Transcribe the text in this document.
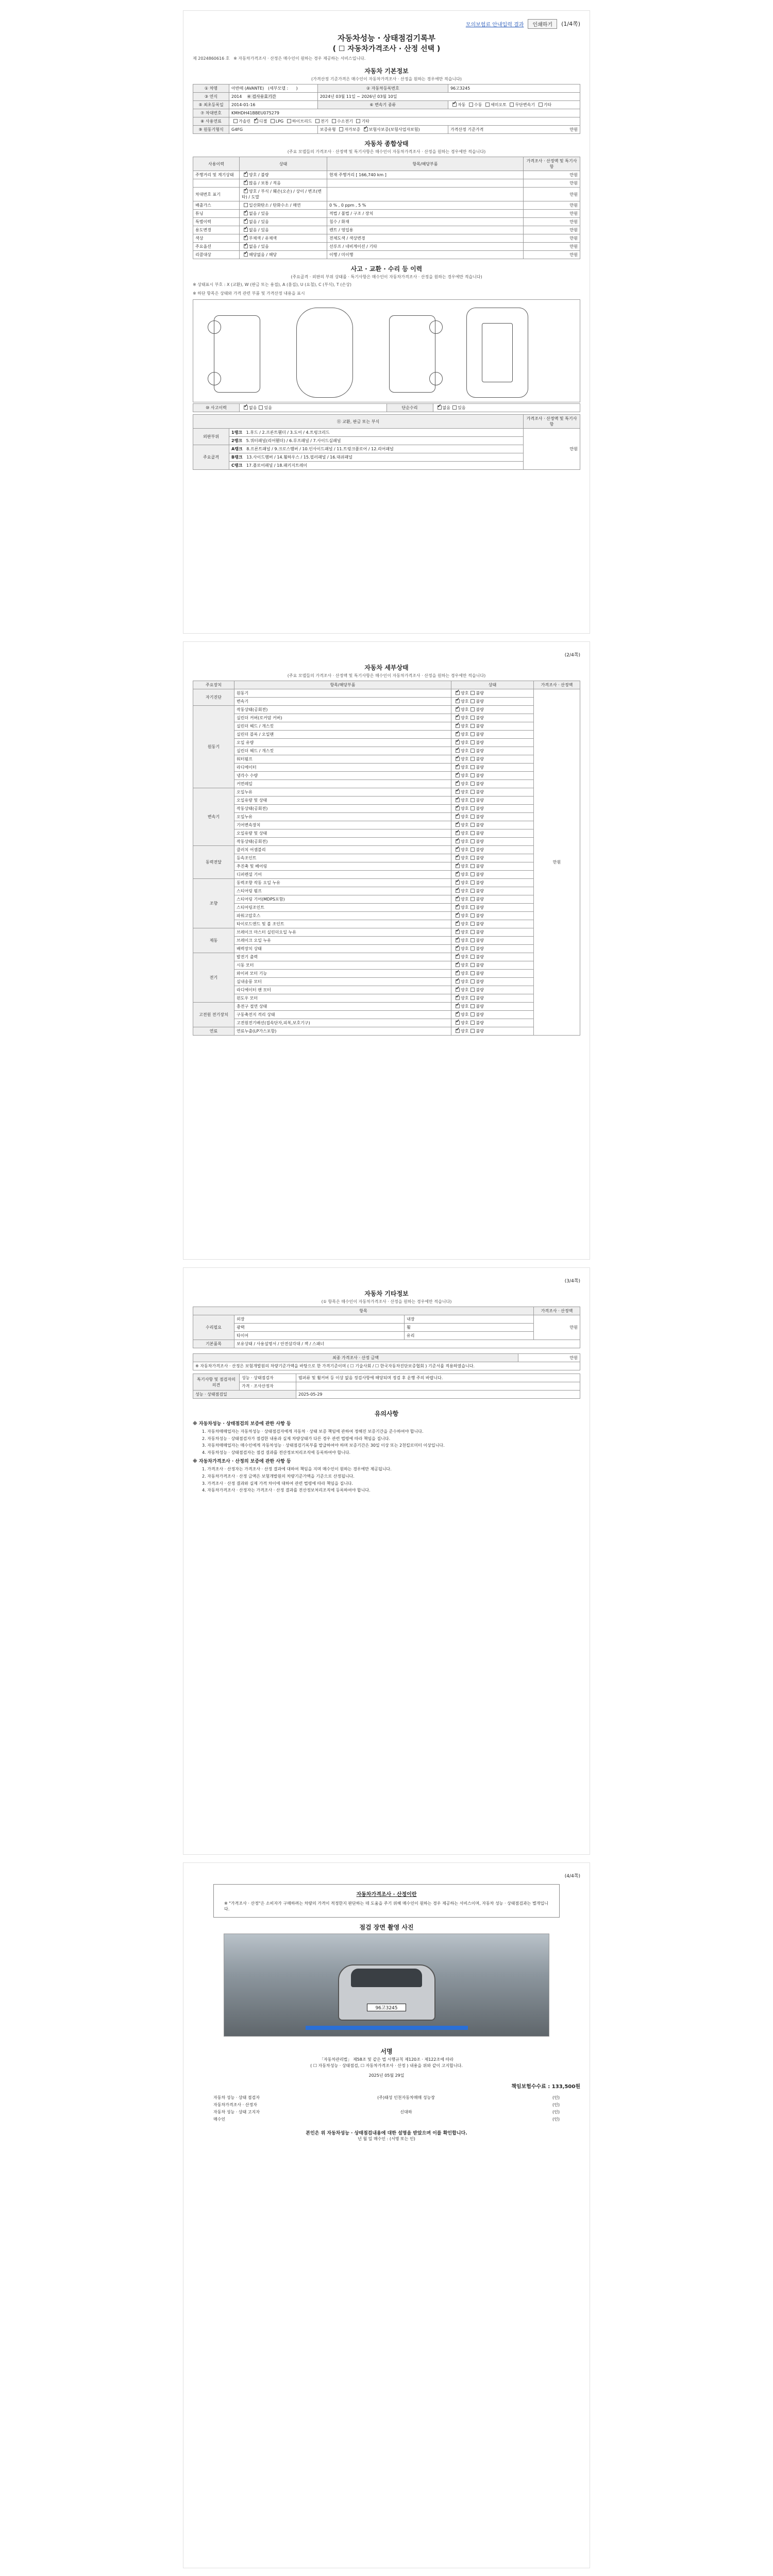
모의보험료 안내입력 결과	인쇄하기	(1/4쪽)
자동차성능 · 상태점검기록부
( ☐ 자동차가격조사 · 산정 선택 )
제 2024860616 호 ※ 자동차가격조사 · 산정은 매수인이 원하는 경우 제공하는 서비스입니다.
자동차 기본정보
(가격산정 기준가격은 매수인이 자동차가격조사 · 산정을 원하는 경우에만 적습니다)
① 차명	아반떼 (AVANTE) (세부모델 :      )	② 자동차등록번호	96고3245
③ 연식	2014 ④ 검사유효기간	2024년 03월 11일 ~ 2026년 03월 10일	
⑤ 최초등록일	2014-01-16	⑥ 변속기 종류	✓자동 수동 세미오토 무단변속기 기타
⑦ 차대번호	KMHDH41BBEU075279		
⑧ 사용연료	가솔린 ✓ 디젤 LPG 하이브리드 전기 수소전기 기타
⑨ 원동기형식	G4FG	보증유형 자가보증 ✓ 보험사보증(보험사업자보험)	가격산정 기준가격 만원
자동차 종합상태
(주요 모델들의 가격조사 · 산정액 및 특기사항은 매수인이 자동차가격조사 · 산정을 원하는 경우에만 적습니다)
사용이력	상태	항목/해당부품	가격조사 · 산정액 및 특기사항
주행거리 및 계기상태	✓양호 / 불량	현재 주행거리 [ 166,740 km ]	만원
	✓많음 / 보통 / 적음		만원
차대번호 표기	✓양호 / 부식 / 훼손(오손) / 상이 / 변조(변타) / 도말		만원
배출가스	일산화탄소 / 탄화수소 / 매연	0 % , 0 ppm , 5 %	만원
튜닝	✓없음 / 있음	적법 / 불법 / 구조 / 장치	만원
특별이력	✓없음 / 있음	침수 / 화재	만원
용도변경	✓없음 / 있음	렌트 / 영업용	만원
색상	✓무채색 / 유채색	전체도색 / 색상변경	만원
주요옵션	✓없음 / 있음	선루프 / 네비게이션 / 기타	만원
리콜대상	✓해당없음 / 해당	이행 / 미이행	만원
사고 · 교환 · 수리 등 이력
(주요골격 · 외판의 부위 상태를 · 특기사항은 매수인이 자동차가격조사 · 산정을 원하는 경우에만 적습니다)
※ 상태표시 부호 : X (교환), W (판금 또는 용접), A (흠집), U (요철), C (부식), T (손상)
※ 하단 항목은 상태와 가격 관련 부품 및 가격산정 내용을 표시
⑩ 사고이력	✓없음 있음	단순수리	✓없음 있음
⑪ 교환, 판금 또는 부식		가격조사 · 산정액 및 특기사항
외판부위	1랭크 1.후드 / 2.프론트휀더 / 3.도어 / 4.트렁크리드	만원
	2랭크 5.쿼터패널(리어휀더) / 6.루프패널 / 7.사이드실패널	
주요골격	A랭크 8.프론트패널 / 9.크로스멤버 / 10.인사이드패널 / 11.트렁크플로어 / 12.리어패널	
	B랭크 13.사이드멤버 / 14.휠하우스 / 15.필러패널 / 16.대쉬패널	
	C랭크 17.플로어패널 / 18.패키지트레이	
(2/4쪽)
자동차 세부상태
(주요 모델들의 가격조사 · 산정액 및 특기사항은 매수인이 자동차가격조사 · 산정을 원하는 경우에만 적습니다)
주요장치	항목/해당부품	상태	가격조사 · 산정액
자기진단	원동기	✓양호 불량	만원
	변속기	✓양호 불량
원동기	작동상태(공회전)	✓양호 불량
	실린더 커버(로커암 커버)	✓양호 불량
	실린더 헤드 / 개스킷	✓양호 불량
	실린더 블록 / 오일팬	✓양호 불량
	오일 유량	✓양호 불량
	실린더 헤드 / 개스킷	✓양호 불량
	워터펌프	✓양호 불량
	라디에이터	✓양호 불량
	냉각수 수량	✓양호 불량
	커먼레일	✓양호 불량
변속기	오일누유	✓양호 불량
	오일유량 및 상태	✓양호 불량
	작동상태(공회전)	✓양호 불량
	오일누유	✓양호 불량
	기어변속장치	✓양호 불량
	오일유량 및 상태	✓양호 불량
	작동상태(공회전)	✓양호 불량
동력전달	클러치 어셈블리	✓양호 불량
	등속조인트	✓양호 불량
	추진축 및 베어링	✓양호 불량
	디퍼렌셜 기어	✓양호 불량
조향	동력조향 작동 오일 누유	✓양호 불량
	스티어링 펌프	✓양호 불량
	스티어링 기어(MDPS포함)	✓양호 불량
	스티어링조인트	✓양호 불량
	파워고압호스	✓양호 불량
	타이로드엔드 및 볼 조인트	✓양호 불량
제동	브레이크 마스터 실린더오일 누유	✓양호 불량
	브레이크 오일 누유	✓양호 불량
	배력장치 상태	✓양호 불량
전기	발전기 출력	✓양호 불량
	시동 모터	✓양호 불량
	와이퍼 모터 기능	✓양호 불량
	실내송풍 모터	✓양호 불량
	라디에이터 팬 모터	✓양호 불량
	윈도우 모터	✓양호 불량
고전원 전기장치	충전구 절연 상태	✓양호 불량
	구동축전지 격리 상태	✓양호 불량
	고전원전기배선(접속단자,피복,보호기구)	✓양호 불량
연료	연료누출(LP가스포함)	✓양호 불량
(3/4쪽)
자동차 기타정보
(① 항목은 매수인이 자동차가격조사 · 산정을 원하는 경우에만 적습니다)
항목			가격조사 · 산정액
수리필요	외장	내장	만원
	광택	휠	
	타이어	유리	
기본품목	보유상태 / 사용설명서 / 안전삼각대 / 잭 / 스패너		
최종 가격조사 · 산정 금액	만원
※ 자동차가격조사 · 산정은 보험개발원의 차량기준가액을 바탕으로 한 가격기준이며 ( ☐ 기술사회 / ☐ 한국자동차진단보증협회 ) 기준서를 적용하였습니다.
특기사항 및 점검자의 의견	성능 · 상태점검자	범퍼류 및 휠커버 등 이상 없음 정검사항에 해당되며 정검 후 운행 주의 바랍니다.
	가격 · 조사산정자	
성능 · 상태점검일		2025-05-29
유의사항
※ 자동차성능 · 상태점검의 보증에 관한 사항 등

1. 자동차매매업자는 자동차성능 · 상태점검자에게 자동차 · 상태 보증 책임에 관하여 정해진 보증기간을 준수하여야 합니다.

2. 자동차성능 · 상태점검자가 점검한 내용과 실제 차량상태가 다른 경우 관련 법령에 따라 책임을 집니다.

3. 자동차매매업자는 매수인에게 자동차성능 · 상태점검기록부를 발급하여야 하며 보증기간은 30일 이상 또는 2천킬로미터 이상입니다.

4. 자동차성능 · 상태점검자는 점검 결과를 전산정보처리조직에 등록하여야 합니다.

※ 자동차가격조사 · 산정의 보증에 관한 사항 등

1. 가격조사 · 산정자는 가격조사 · 산정 결과에 대하여 책임을 지며 매수인이 원하는 경우에만 제공됩니다.

2. 자동차가격조사 · 산정 금액은 보험개발원의 차량기준가액을 기준으로 산정됩니다.

3. 가격조사 · 산정 결과와 실제 가격 차이에 대하여 관련 법령에 따라 책임을 집니다.

4. 자동차가격조사 · 산정자는 가격조사 · 산정 결과를 전산정보처리조직에 등록하여야 합니다.

(4/4쪽)
자동차가격조사 · 산정이란
※ "가격조사 · 산정"은 소비자가 구매하려는 차량의 가격이 적정한지 판단하는 데 도움을 주기 위해 매수인이 원하는 경우 제공하는 서비스이며, 자동차 성능 · 상태점검과는 별개입니다.
점검 장면 촬영 사진
96고3245
서명
「자동차관리법」 제58조 및 같은 법 시행규칙 제120조 · 제122조에 따라
( ☐ 자동차성능 · 상태점검, ☐ 자동차가격조사 · 산정 ) 내용을 위와 같이 고지합니다.
2025년 05월 29일
책임보험수수료 : 133,500원
자동차 성능 · 상태 점검자	(주)태성 인천자동차매매 성능장	(인)
자동차가격조사 · 산정자	(인)
자동차 성능 · 상태 고지자	신대하	(인)
매수인	(인)
본인은 위 자동차성능 · 상태점검내용에 대한 설명을 받았으며 이를 확인합니다.
년 월 일 매수인 : (서명 또는 인)
